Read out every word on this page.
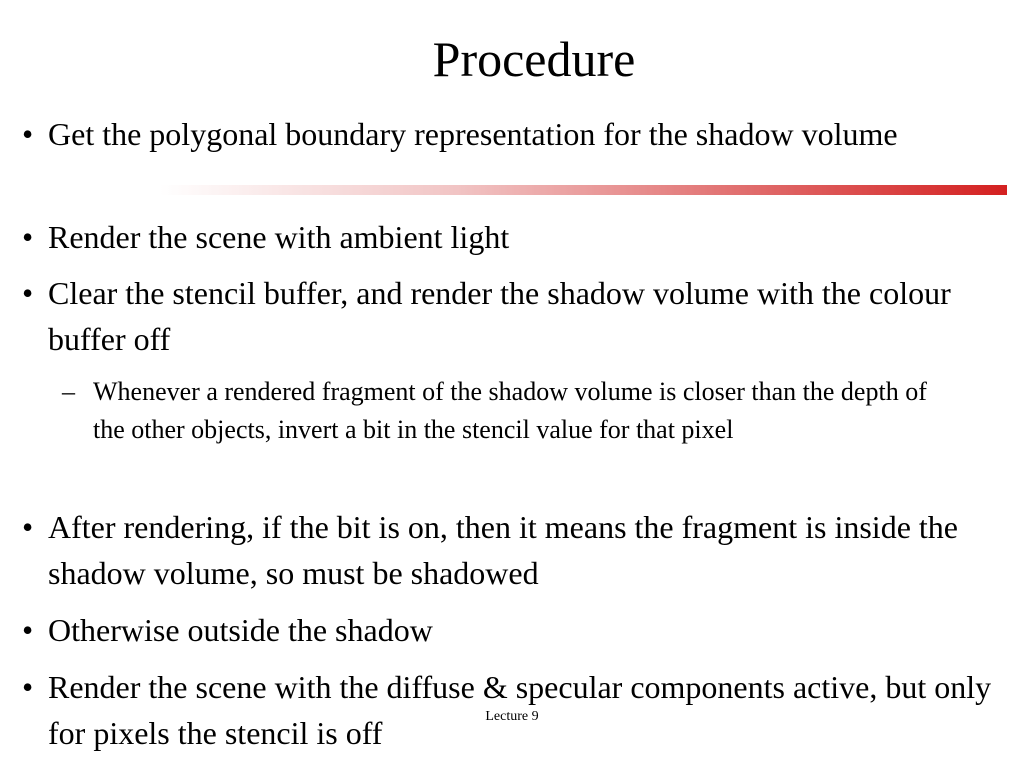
Procedure
• Get the polygonal boundary representation for the shadow volume
• Render the scene with ambient light
• Clear the stencil buffer, and render the shadow volume with the colour buffer off
– Whenever a rendered fragment of the shadow volume is closer than the depth of the other objects, invert a bit in the stencil value for that pixel
• After rendering, if the bit is on, then it means the fragment is inside the shadow volume, so must be shadowed
• Otherwise outside the shadow
• Render the scene with the diffuse & specular components active, but only for pixels the stencil is off	Lecture 9
